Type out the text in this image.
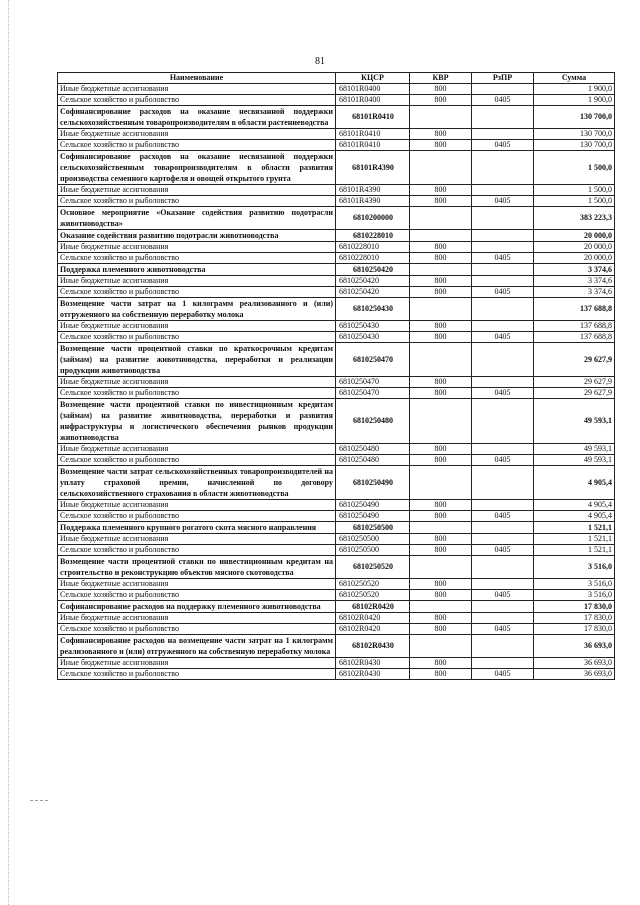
81
Наименование	КЦСР	КВР	РзПР	Сумма
Иные бюджетные ассигнования	68101R0400	800		1 900,0
Сельское хозяйство и рыболовство	68101R0400	800	0405	1 900,0
Софинансирование расходов на оказание несвязанной поддержки сельскохозяйственным товаропроизводителям в области растениеводства	68101R0410			130 700,0
Иные бюджетные ассигнования	68101R0410	800		130 700,0
Сельское хозяйство и рыболовство	68101R0410	800	0405	130 700,0
Софинансирование расходов на оказание несвязанной поддержки сельскохозяйственным товаропроизводителям в области развития производства семенного картофеля и овощей открытого грунта	68101R4390			1 500,0
Иные бюджетные ассигнования	68101R4390	800		1 500,0
Сельское хозяйство и рыболовство	68101R4390	800	0405	1 500,0
Основное мероприятие «Оказание содействия развитию подотрасли животноводства»	6810200000			383 223,3
Оказание содействия развитию подотрасли животноводства	6810228010			20 000,0
Иные бюджетные ассигнования	6810228010	800		20 000,0
Сельское хозяйство и рыболовство	6810228010	800	0405	20 000,0
Поддержка племенного животноводства	6810250420			3 374,6
Иные бюджетные ассигнования	6810250420	800		3 374,6
Сельское хозяйство и рыболовство	6810250420	800	0405	3 374,6
Возмещение части затрат на 1 килограмм реализованного и (или) отгруженного на собственную переработку молока	6810250430			137 688,8
Иные бюджетные ассигнования	6810250430	800		137 688,8
Сельское хозяйство и рыболовство	6810250430	800	0405	137 688,8
Возмещение части процентной ставки по краткосрочным кредитам (займам) на развитие животноводства, переработки и реализации продукции животноводства	6810250470			29 627,9
Иные бюджетные ассигнования	6810250470	800		29 627,9
Сельское хозяйство и рыболовство	6810250470	800	0405	29 627,9
Возмещение части процентной ставки по инвестиционным кредитам (займам) на развитие животноводства, переработки и развития инфраструктуры и логистического обеспечения рынков продукции животноводства	6810250480			49 593,1
Иные бюджетные ассигнования	6810250480	800		49 593,1
Сельское хозяйство и рыболовство	6810250480	800	0405	49 593,1
Возмещение части затрат сельскохозяйственных товаропроизводителей на уплату страховой премии, начисленной по договору сельскохозяйственного страхования в области животноводства	6810250490			4 905,4
Иные бюджетные ассигнования	6810250490	800		4 905,4
Сельское хозяйство и рыболовство	6810250490	800	0405	4 905,4
Поддержка племенного крупного рогатого скота мясного направления	6810250500			1 521,1
Иные бюджетные ассигнования	6810250500	800		1 521,1
Сельское хозяйство и рыболовство	6810250500	800	0405	1 521,1
Возмещение части процентной ставки по инвестиционным кредитам на строительство и реконструкцию объектов мясного скотоводства	6810250520			3 516,0
Иные бюджетные ассигнования	6810250520	800		3 516,0
Сельское хозяйство и рыболовство	6810250520	800	0405	3 516,0
Софинансирование расходов на поддержку племенного животноводства	68102R0420			17 830,0
Иные бюджетные ассигнования	68102R0420	800		17 830,0
Сельское хозяйство и рыболовство	68102R0420	800	0405	17 830,0
Софинансирование расходов на возмещение части затрат на 1 килограмм реализованного и (или) отгруженного на собственную переработку молока	68102R0430			36 693,0
Иные бюджетные ассигнования	68102R0430	800		36 693,0
Сельское хозяйство и рыболовство	68102R0430	800	0405	36 693,0
